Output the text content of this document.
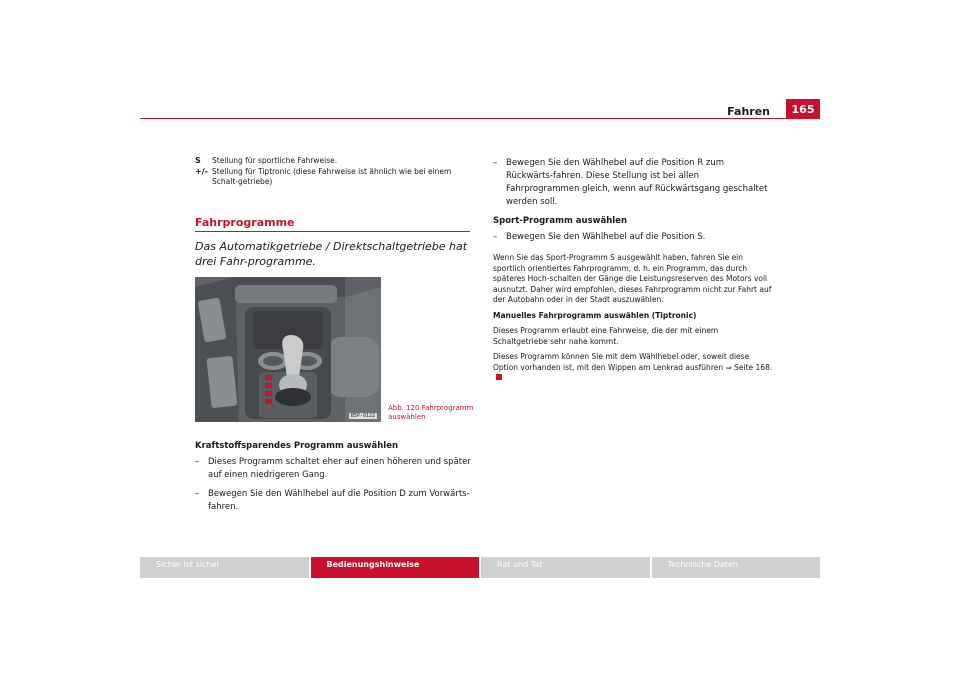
Fahren	165
S	Stellung für sportliche Fahrweise.
+/- Stellung für Tiptronic (diese Fahrweise ist ähnlich wie bei einem Schalt-getriebe)
Fahrprogramme
Das Automatikgetriebe / Direktschaltgetriebe hat drei Fahr-programme.
B5P-0122
Abb. 120 Fahrprogramm auswählen
Kraftstoffsparendes Programm auswählen
–	Dieses Programm schaltet eher auf einen höheren und später auf einen niedrigeren Gang.
–	Bewegen Sie den Wählhebel auf die Position D zum Vorwärts-fahren.
–	Bewegen Sie den Wählhebel auf die Position R zum Rückwärts-fahren. Diese Stellung ist bei allen Fahrprogrammen gleich, wenn auf Rückwärtsgang geschaltet werden soll.
Sport-Programm auswählen
–	Bewegen Sie den Wählhebel auf die Position S.
Wenn Sie das Sport-Programm S ausgewählt haben, fahren Sie ein sportlich orientiertes Fahrprogramm, d. h. ein Programm, das durch späteres Hoch-schalten der Gänge die Leistungsreserven des Motors voll ausnutzt. Daher wird empfohlen, dieses Fahrprogramm nicht zur Fahrt auf der Autobahn oder in der Stadt auszuwählen.
Manuelles Fahrprogramm auswählen (Tiptronic)
Dieses Programm erlaubt eine Fahrweise, die der mit einem Schaltgetriebe sehr nahe kommt.
Dieses Programm können Sie mit dem Wählhebel oder, soweit diese Option vorhanden ist, mit den Wippen am Lenkrad ausführen ⇒ Seite 168.
Sicher ist sicher	Bedienungshinweise	Rat und Tat	Technische Daten
